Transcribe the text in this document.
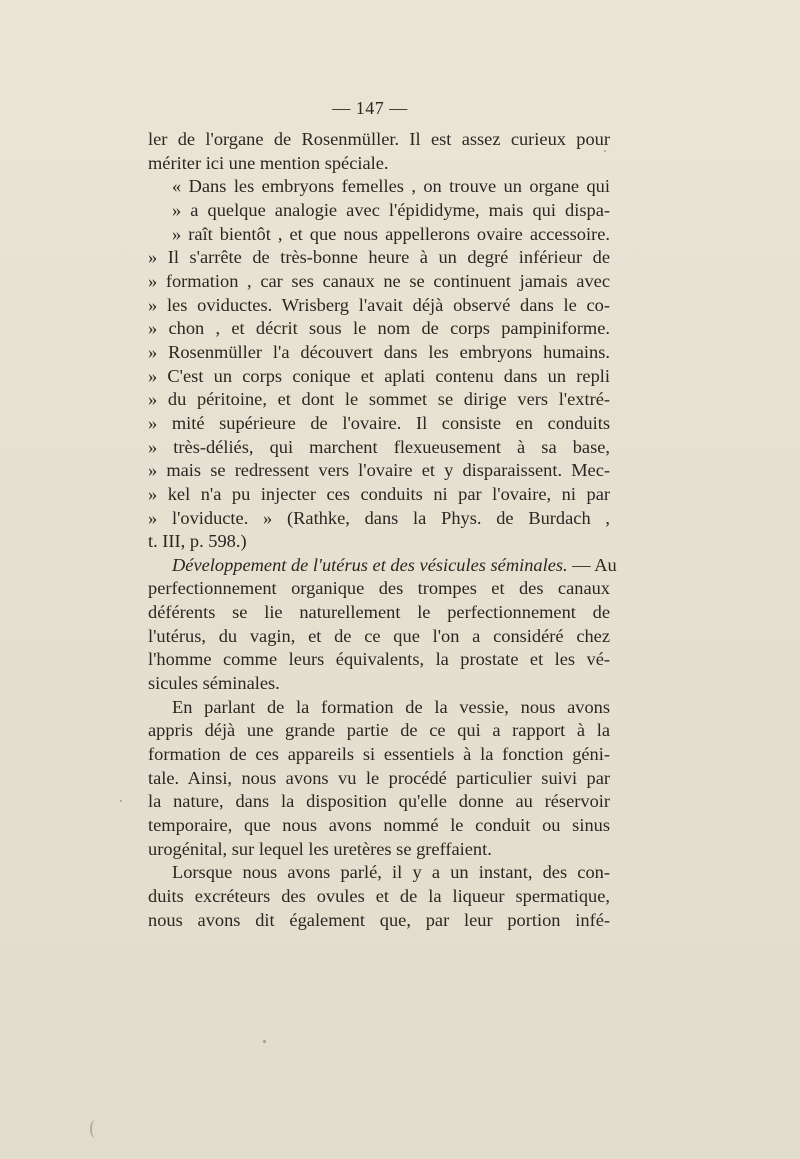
— 147 —
ler de l'organe de Rosenmüller. Il est assez curieux pour
mériter ici une mention spéciale.
« Dans les embryons femelles , on trouve un organe qui
» a quelque analogie avec l'épididyme, mais qui dispa-
» raît bientôt , et que nous appellerons ovaire accessoire.
» Il s'arrête de très-bonne heure à un degré inférieur de
» formation , car ses canaux ne se continuent jamais avec
» les oviductes. Wrisberg l'avait déjà observé dans le co-
» chon , et décrit sous le nom de corps pampiniforme.
» Rosenmüller l'a découvert dans les embryons humains.
» C'est un corps conique et aplati contenu dans un repli
» du péritoine, et dont le sommet se dirige vers l'extré-
» mité supérieure de l'ovaire. Il consiste en conduits
» très-déliés, qui marchent flexueusement à sa base,
» mais se redressent vers l'ovaire et y disparaissent. Mec-
» kel n'a pu injecter ces conduits ni par l'ovaire, ni par
» l'oviducte. » (Rathke, dans la Phys. de Burdach ,
t. III, p. 598.)
Développement de l'utérus et des vésicules séminales. — Au
perfectionnement organique des trompes et des canaux
déférents se lie naturellement le perfectionnement de
l'utérus, du vagin, et de ce que l'on a considéré chez
l'homme comme leurs équivalents, la prostate et les vé-
sicules séminales.
En parlant de la formation de la vessie, nous avons
appris déjà une grande partie de ce qui a rapport à la
formation de ces appareils si essentiels à la fonction géni-
tale. Ainsi, nous avons vu le procédé particulier suivi par
la nature, dans la disposition qu'elle donne au réservoir
temporaire, que nous avons nommé le conduit ou sinus
urogénital, sur lequel les uretères se greffaient.
Lorsque nous avons parlé, il y a un instant, des con-
duits excréteurs des ovules et de la liqueur spermatique,
nous avons dit également que, par leur portion infé-
